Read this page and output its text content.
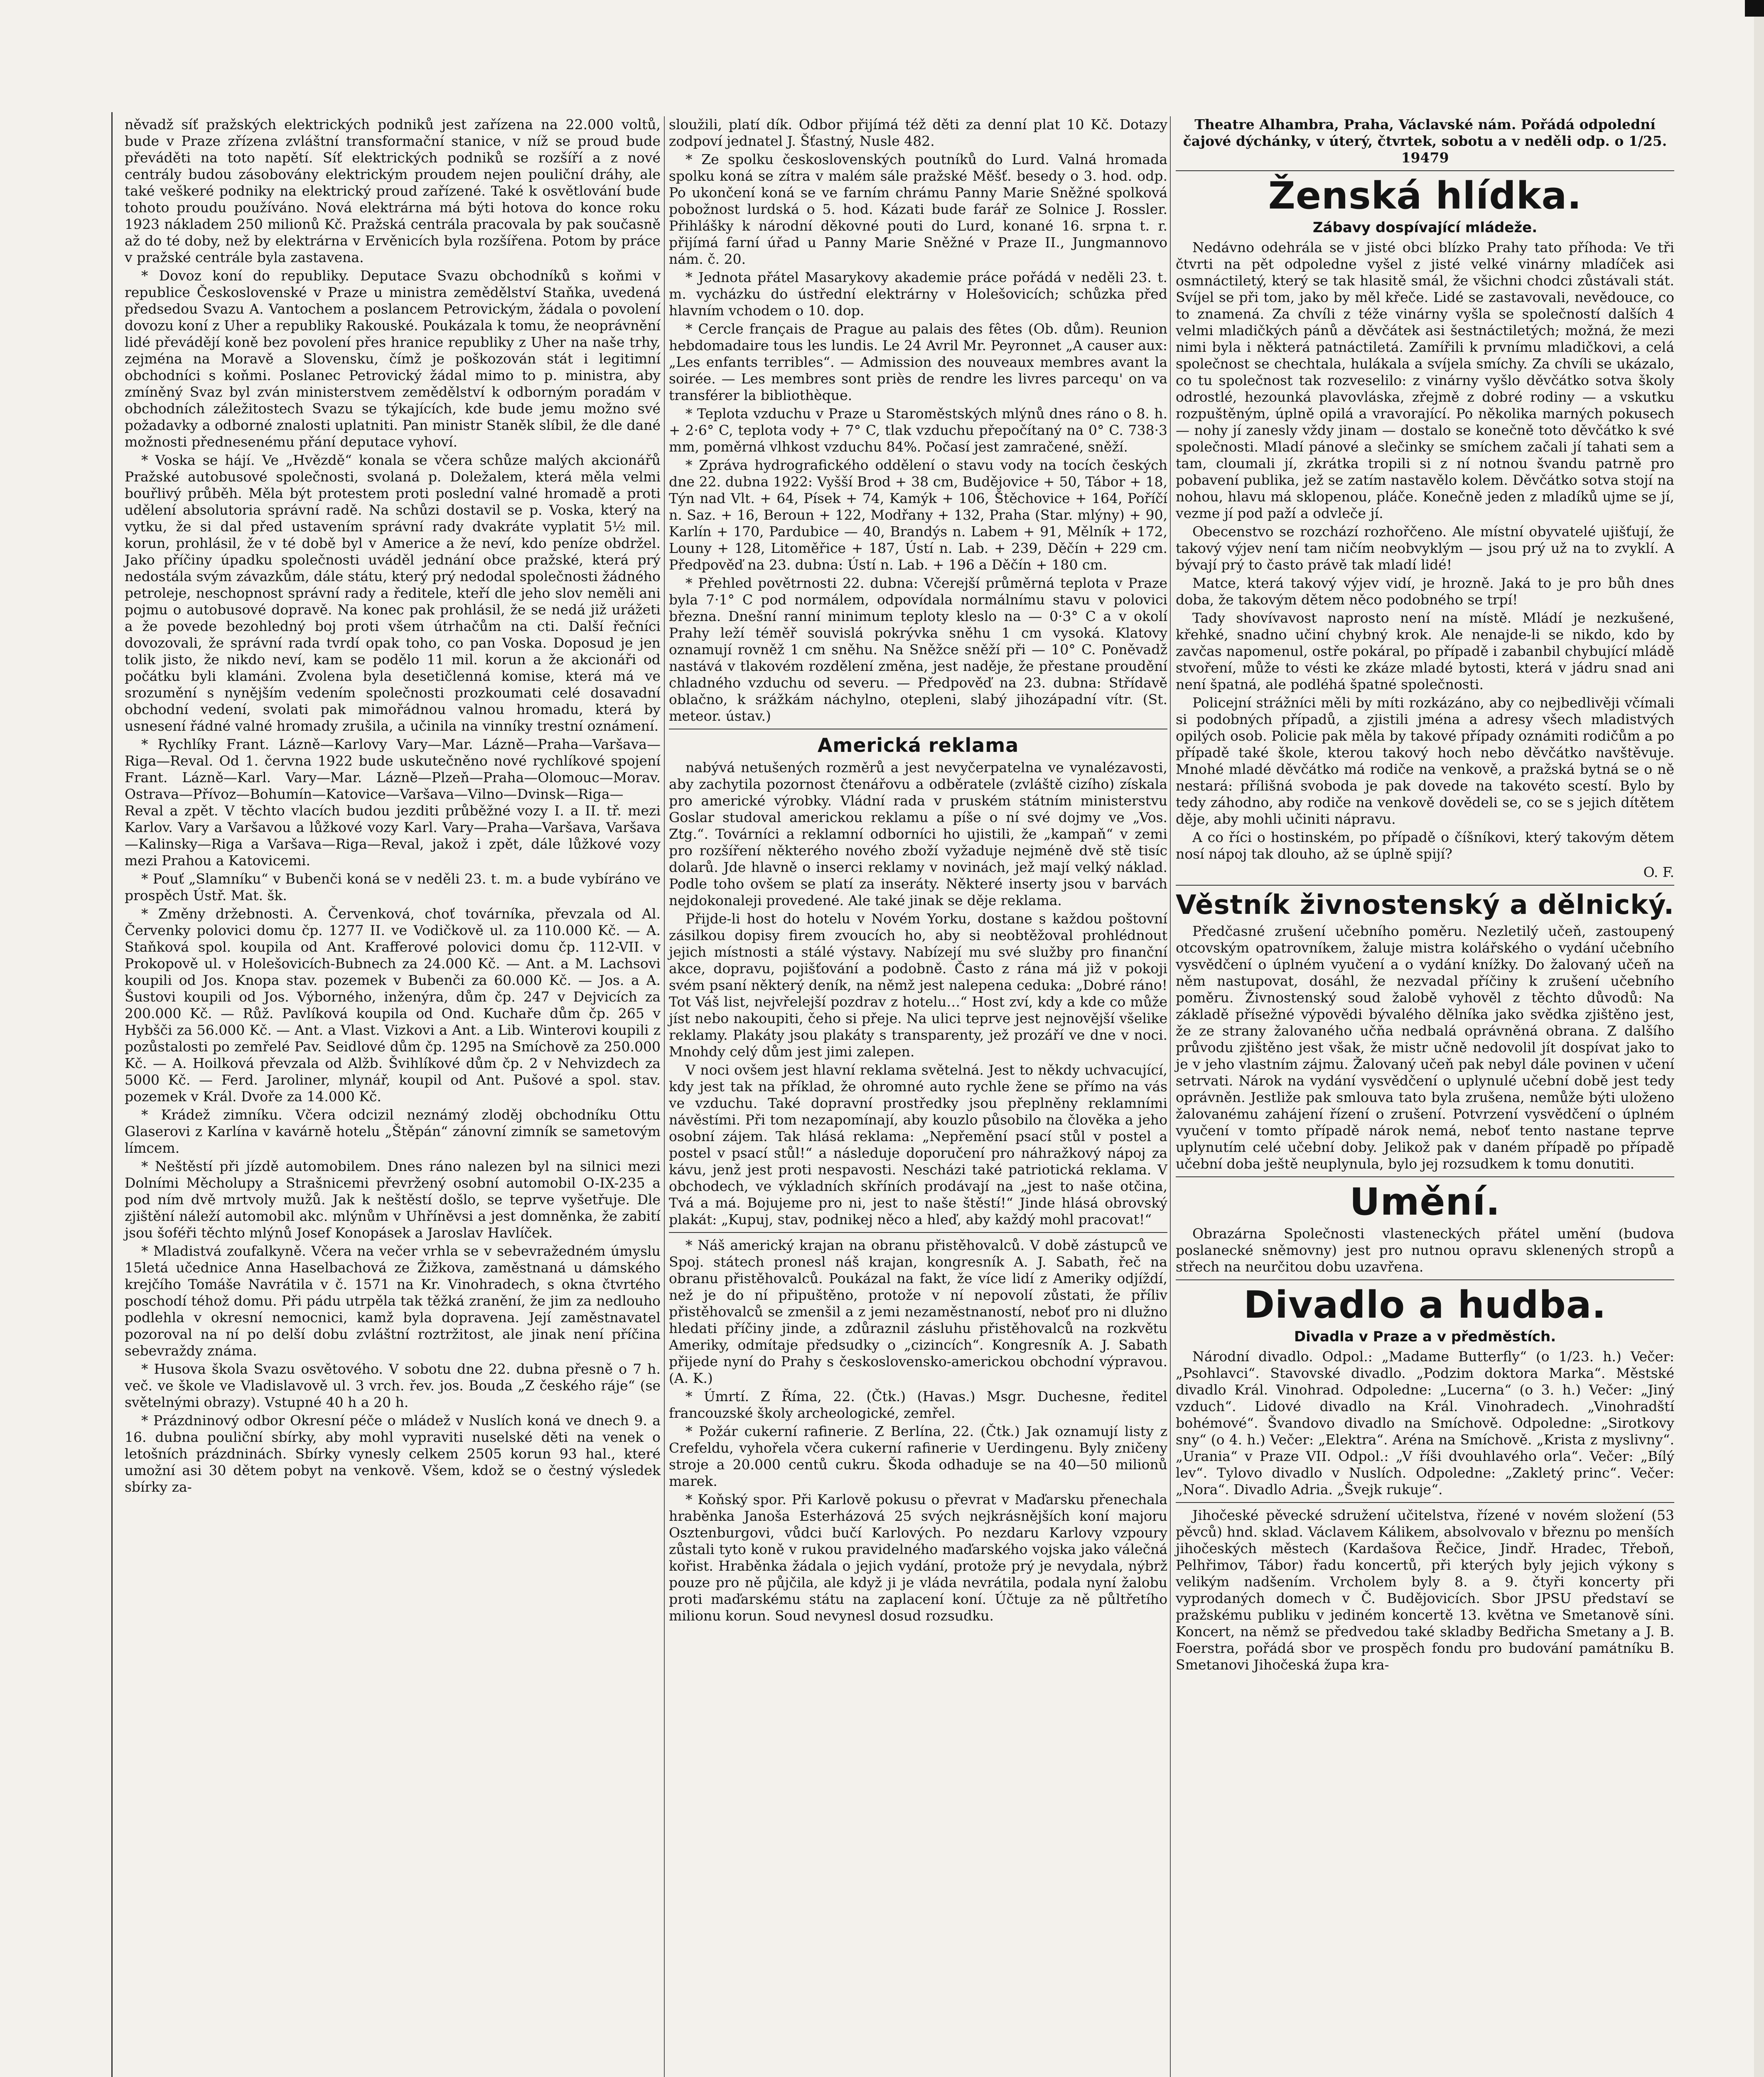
něvadž síť pražských elektrických podniků jest zařízena na 22.000 voltů, bude v Praze zřízena zvláštní transformační stanice, v níž se proud bude převáděti na toto napětí. Síť elektrických podniků se rozšíří a z nové centrály budou zásobovány elektrickým proudem nejen pouliční dráhy, ale také veškeré podniky na elektrický proud zařízené. Také k osvětlování bude tohoto proudu používáno. Nová elektrárna má býti hotova do konce roku 1923 nákladem 250 milionů Kč. Pražská centrála pracovala by pak současně až do té doby, než by elektrárna v Ervěnicích byla rozšířena. Potom by práce v pražské centrále byla zastavena.

* Dovoz koní do republiky. Deputace Svazu obchodníků s koňmi v republice Československé v Praze u ministra zemědělství Staňka, uvedená předsedou Svazu A. Vantochem a poslancem Petrovickým, žádala o povolení dovozu koní z Uher a republiky Rakouské. Poukázala k tomu, že neoprávnění lidé převádějí koně bez povolení přes hranice republiky z Uher na naše trhy, zejména na Moravě a Slovensku, čímž je poškozován stát i legitimní obchodníci s koňmi. Poslanec Petrovický žádal mimo to p. ministra, aby zmíněný Svaz byl zván ministerstvem zemědělství k odborným poradám v obchodních záležitostech Svazu se týkajících, kde bude jemu možno své požadavky a odborné znalosti uplatniti. Pan ministr Staněk slíbil, že dle dané možnosti přednesenému přání deputace vyhoví.

* Voska se hájí. Ve „Hvězdě“ konala se včera schůze malých akcionářů Pražské autobusové společnosti, svolaná p. Doležalem, která měla velmi bouřlivý průběh. Měla být protestem proti poslední valné hromadě a proti udělení absolutoria správní radě. Na schůzi dostavil se p. Voska, který na vytku, že si dal před ustavením správní rady dvakráte vyplatit 5½ mil. korun, prohlásil, že v té době byl v Americe a že neví, kdo peníze obdržel. Jako příčiny úpadku společnosti uváděl jednání obce pražské, která prý nedostála svým závazkům, dále státu, který prý nedodal společnosti žádného petroleje, neschopnost správní rady a ředitele, kteří dle jeho slov neměli ani pojmu o autobusové dopravě. Na konec pak prohlásil, že se nedá již urážeti a že povede bezohledný boj proti všem útrhačům na cti. Další řečníci dovozovali, že správní rada tvrdí opak toho, co pan Voska. Doposud je jen tolik jisto, že nikdo neví, kam se podělo 11 mil. korun a že akcionáři od počátku byli klamáni. Zvolena byla desetičlenná komise, která má ve srozumění s nynějším vedením společnosti prozkoumati celé dosavadní obchodní vedení, svolati pak mimořádnou valnou hromadu, která by usnesení řádné valné hromady zrušila, a učinila na vinníky trestní oznámení.

* Rychlíky Frant. Lázně—Karlovy Vary—Mar. Lázně—Praha—Varšava—Riga—Reval. Od 1. června 1922 bude uskutečněno nové rychlíkové spojení Frant. Lázně—Karl. Vary—Mar. Lázně—Plzeň—Praha—Olomouc—Morav. Ostrava—Přívoz—Bohumín—Katovice—Varšava—Vilno—Dvinsk—Riga—Reval a zpět. V těchto vlacích budou jezditi průběžné vozy I. a II. tř. mezi Karlov. Vary a Varšavou a lůžkové vozy Karl. Vary—Praha—Varšava, Varšava—Kalinsky—Riga a Varšava—Riga—Reval, jakož i zpět, dále lůžkové vozy mezi Prahou a Katovicemi.

* Pouť „Slamníku“ v Bubenči koná se v neděli 23. t. m. a bude vybíráno ve prospěch Ústř. Mat. šk.

* Změny držebnosti. A. Červenková, choť továrníka, převzala od Al. Červenky polovici domu čp. 1277 II. ve Vodičkově ul. za 110.000 Kč. — A. Staňková spol. koupila od Ant. Krafferové polovici domu čp. 112-VII. v Prokopově ul. v Holešovicích-Bubnech za 24.000 Kč. — Ant. a M. Lachsovi koupili od Jos. Knopa stav. pozemek v Bubenči za 60.000 Kč. — Jos. a A. Šustovi koupili od Jos. Výborného, inženýra, dům čp. 247 v Dejvicích za 200.000 Kč. — Růž. Pavlíková koupila od Ond. Kuchaře dům čp. 265 v Hybšči za 56.000 Kč. — Ant. a Vlast. Vizkovi a Ant. a Lib. Winterovi koupili z pozůstalosti po zemřelé Pav. Seidlové dům čp. 1295 na Smíchově za 250.000 Kč. — A. Hoilková převzala od Alžb. Švihlíkové dům čp. 2 v Nehvizdech za 5000 Kč. — Ferd. Jaroliner, mlynář, koupil od Ant. Pušové a spol. stav. pozemek v Král. Dvoře za 14.000 Kč.

* Krádež zimníku. Včera odcizil neznámý zloděj obchodníku Ottu Glaserovi z Karlína v kavárně hotelu „Štěpán“ zánovní zimník se sametovým límcem.

* Neštěstí při jízdě automobilem. Dnes ráno nalezen byl na silnici mezi Dolními Měcholupy a Strašnicemi převržený osobní automobil O-IX-235 a pod ním dvě mrtvoly mužů. Jak k neštěstí došlo, se teprve vyšetřuje. Dle zjištění náleží automobil akc. mlýnům v Uhříněvsi a jest domněnka, že zabití jsou šoféři těchto mlýnů Josef Konopásek a Jaroslav Havlíček.

* Mladistvá zoufalkyně. Včera na večer vrhla se v sebevražedném úmyslu 15letá učednice Anna Haselbachová ze Žižkova, zaměstnaná u dámského krejčího Tomáše Navrátila v č. 1571 na Kr. Vinohradech, s okna čtvrtého poschodí téhož domu. Při pádu utrpěla tak těžká zranění, že jim za nedlouho podlehla v okresní nemocnici, kamž byla dopravena. Její zaměstnavatel pozoroval na ní po delší dobu zvláštní roztržitost, ale jinak není příčina sebevraždy známa.

* Husova škola Svazu osvětového. V sobotu dne 22. dubna přesně o 7 h. več. ve škole ve Vladislavově ul. 3 vrch. řev. jos. Bouda „Z českého ráje“ (se světelnými obrazy). Vstupné 40 h a 20 h.

* Prázdninový odbor Okresní péče o mládež v Nuslích koná ve dnech 9. a 16. dubna pouliční sbírky, aby mohl vypraviti nuselské děti na venek o letošních prázdninách. Sbírky vynesly celkem 2505 korun 93 hal., které umožní asi 30 dětem pobyt na venkově. Všem, kdož se o čestný výsledek sbírky za-

sloužili, platí dík. Odbor přijímá též děti za denní plat 10 Kč. Dotazy zodpoví jednatel J. Šťastný, Nusle 482.

* Ze spolku československých poutníků do Lurd. Valná hromada spolku koná se zítra v malém sále pražské Měšť. besedy o 3. hod. odp. Po ukončení koná se ve farním chrámu Panny Marie Sněžné spolková pobožnost lurdská o 5. hod. Kázati bude farář ze Solnice J. Rossler. Přihlášky k národní děkovné pouti do Lurd, konané 16. srpna t. r. přijímá farní úřad u Panny Marie Sněžné v Praze II., Jungmannovo nám. č. 20.

* Jednota přátel Masarykovy akademie práce pořádá v neděli 23. t. m. vycházku do ústřední elektrárny v Holešovicích; schůzka před hlavním vchodem o 10. dop.

* Cercle français de Prague au palais des fêtes (Ob. dům). Reunion hebdomadaire tous les lundis. Le 24 Avril Mr. Peyronnet „A causer aux: „Les enfants terribles“. — Admission des nouveaux membres avant la soirée. — Les membres sont priès de rendre les livres parcequ' on va transférer la bibliothèque.

* Teplota vzduchu v Praze u Staroměstských mlýnů dnes ráno o 8. h. + 2·6° C, teplota vody + 7° C, tlak vzduchu přepočítaný na 0° C. 738·3 mm, poměrná vlhkost vzduchu 84%. Počasí jest zamračené, sněží.

* Zpráva hydrografického oddělení o stavu vody na tocích českých dne 22. dubna 1922: Vyšší Brod + 38 cm, Budějovice + 50, Tábor + 18, Týn nad Vlt. + 64, Písek + 74, Kamýk + 106, Štěchovice + 164, Poříčí n. Saz. + 16, Beroun + 122, Modřany + 132, Praha (Star. mlýny) + 90, Karlín + 170, Pardubice — 40, Brandýs n. Labem + 91, Mělník + 172, Louny + 128, Litoměřice + 187, Ústí n. Lab. + 239, Děčín + 229 cm. Předpověď na 23. dubna: Ústí n. Lab. + 196 a Děčín + 180 cm.

* Přehled povětrnosti 22. dubna: Včerejší průměrná teplota v Praze byla 7·1° C pod normálem, odpovídala normálnímu stavu v polovici března. Dnešní ranní minimum teploty kleslo na — 0·3° C a v okolí Prahy leží téměř souvislá pokrývka sněhu 1 cm vysoká. Klatovy oznamují rovněž 1 cm sněhu. Na Sněžce sněží při — 10° C. Poněvadž nastává v tlakovém rozdělení změna, jest naděje, že přestane proudění chladného vzduchu od severu. — Předpověď na 23. dubna: Střídavě oblačno, k srážkám náchylno, otepleni, slabý jihozápadní vítr. (St. meteor. ústav.)

Americká reklama

nabývá netušených rozměrů a jest nevyčerpatelna ve vynalézavosti, aby zachytila pozornost čtenářovu a odběratele (zvláště cizího) získala pro americké výrobky. Vládní rada v pruském státním ministerstvu Goslar studoval americkou reklamu a píše o ní své dojmy ve „Vos. Ztg.“. Továrníci a reklamní odborníci ho ujistili, že „kampaň“ v zemi pro rozšíření některého nového zboží vyžaduje nejméně dvě stě tisíc dolarů. Jde hlavně o inserci reklamy v novinách, jež mají velký náklad. Podle toho ovšem se platí za inseráty. Některé inserty jsou v barvách nejdokonaleji provedené. Ale také jinak se děje reklama.

Přijde-li host do hotelu v Novém Yorku, dostane s každou poštovní zásilkou dopisy firem zvoucích ho, aby si neobtěžoval prohlédnout jejich místnosti a stálé výstavy. Nabízejí mu své služby pro finanční akce, dopravu, pojišťování a podobně. Často z rána má již v pokoji svém psaní některý deník, na němž jest nalepena ceduka: „Dobré ráno! Tot Váš list, nejvřelejší pozdrav z hotelu…“ Host zví, kdy a kde co může jíst nebo nakoupiti, čeho si přeje. Na ulici teprve jest nejnovější všelike reklamy. Plakáty jsou plakáty s transparenty, jež prozáří ve dne v noci. Mnohdy celý dům jest jimi zalepen.

V noci ovšem jest hlavní reklama světelná. Jest to někdy uchvacující, kdy jest tak na příklad, že ohromné auto rychle žene se přímo na vás ve vzduchu. Také dopravní prostředky jsou přeplněny reklamními návěstími. Při tom nezapomínají, aby kouzlo působilo na člověka a jeho osobní zájem. Tak hlásá reklama: „Nepřemění psací stůl v postel a postel v psací stůl!“ a následuje doporučení pro náhražkový nápoj za kávu, jenž jest proti nespavosti. Nescházi také patriotická reklama. V obchodech, ve výkladních skříních prodávají na „jest to naše otčina, Tvá a má. Bojujeme pro ni, jest to naše štěstí!“ Jinde hlásá obrovský plakát: „Kupuj, stav, podnikej něco a hleď, aby každý mohl pracovat!“

* Náš americký krajan na obranu přistěhovalců. V době zástupců ve Spoj. státech pronesl náš krajan, kongresník A. J. Sabath, řeč na obranu přistěhovalců. Poukázal na fakt, že více lidí z Ameriky odjíždí, než je do ní připuštěno, protože v ní nepovolí zůstati, že příliv přistěhovalců se zmenšil a z jemi nezaměstnaností, neboť pro ni dlužno hledati příčiny jinde, a zdůraznil zásluhu přistěhovalců na rozkvětu Ameriky, odmítaje předsudky o „cizincích“. Kongresník A. J. Sabath přijede nyní do Prahy s československo-americkou obchodní výpravou. (A. K.)

* Úmrtí. Z Říma, 22. (Čtk.) (Havas.) Msgr. Duchesne, ředitel francouzské školy archeologické, zemřel.

* Požár cukerní rafinerie. Z Berlína, 22. (Čtk.) Jak oznamují listy z Crefeldu, vyhořela včera cukerní rafinerie v Uerdingenu. Byly zničeny stroje a 20.000 centů cukru. Škoda odhaduje se na 40—50 milionů marek.

* Koňský spor. Při Karlově pokusu o převrat v Maďarsku přenechala hraběnka Janoša Esterházová 25 svých nejkrásnějších koní majoru Osztenburgovi, vůdci bučí Karlových. Po nezdaru Karlovy vzpoury zůstali tyto koně v rukou pravidelného maďarského vojska jako válečná kořist. Hraběnka žádala o jejich vydání, protože prý je nevydala, nýbrž pouze pro ně půjčila, ale když ji je vláda nevrátila, podala nyní žalobu proti maďarskému státu na zaplacení koní. Účtuje za ně půltřetího milionu korun. Soud nevynesl dosud rozsudku.

Theatre Alhambra, Praha, Václavské nám. Pořádá odpolední čajové dýchánky, v úterý, čtvrtek, sobotu a v neděli odp. o 1/25. 19479

Ženská hlídka.
Zábavy dospívající mládeže.

Nedávno odehrála se v jisté obci blízko Prahy tato příhoda: Ve tři čtvrti na pět odpoledne vyšel z jisté velké vinárny mladíček asi osmnáctiletý, který se tak hlasitě smál, že všichni chodci zůstávali stát. Svíjel se při tom, jako by měl křeče. Lidé se zastavovali, nevědouce, co to znamená. Za chvíli z téže vinárny vyšla se společností dalších 4 velmi mladičkých pánů a děvčátek asi šestnáctiletých; možná, že mezi nimi byla i některá patnáctiletá. Zamířili k prvnímu mladičkovi, a celá společnost se chechtala, hulákala a svíjela smíchy. Za chvíli se ukázalo, co tu společnost tak rozveselilo: z vinárny vyšlo děvčátko sotva školy odrostlé, hezounká plavovláska, zřejmě z dobré rodiny — a vskutku rozpuštěným, úplně opilá a vravorající. Po několika marných pokusech — nohy jí zanesly vždy jinam — dostalo se konečně toto děvčátko k své společnosti. Mladí pánové a slečinky se smíchem začali jí tahati sem a tam, cloumali jí, zkrátka tropili si z ní notnou švandu patrně pro pobavení publika, jež se zatím nastavělo kolem. Děvčátko sotva stojí na nohou, hlavu má sklopenou, pláče. Konečně jeden z mladíků ujme se jí, vezme jí pod paží a odvleče jí.

Obecenstvo se rozchází rozhořčeno. Ale místní obyvatelé ujišťují, že takový výjev není tam ničím neobvyklým — jsou prý už na to zvyklí. A bývají prý to často právě tak mladí lidé!

Matce, která takový výjev vidí, je hrozně. Jaká to je pro bůh dnes doba, že takovým dětem něco podobného se trpí!

Tady shovívavost naprosto není na místě. Mládí je nezkušené, křehké, snadno učiní chybný krok. Ale nenajde-li se nikdo, kdo by zavčas napomenul, ostře pokáral, po případě i zabanbil chybující mládě stvoření, může to vésti ke zkáze mladé bytosti, která v jádru snad ani není špatná, ale podléhá špatné společnosti.

Policejní strážníci měli by míti rozkázáno, aby co nejbedlivěji včímali si podobných případů, a zjistili jména a adresy všech mladistvých opilých osob. Policie pak měla by takové případy oznámiti rodičům a po případě také škole, kterou takový hoch nebo děvčátko navštěvuje. Mnohé mladé děvčátko má rodiče na venkově, a pražská bytná se o ně nestará: přílišná svoboda je pak dovede na takovéto scestí. Bylo by tedy záhodno, aby rodiče na venkově dovědeli se, co se s jejich dítětem děje, aby mohli učiniti nápravu.

A co říci o hostinském, po případě o číšníkovi, který takovým dětem nosí nápoj tak dlouho, až se úplně spijí?

O. F.

Věstník živnostenský a dělnický.

Předčasné zrušení učebního poměru. Nezletilý učeň, zastoupený otcovským opatrovníkem, žaluje mistra kolářského o vydání učebního vysvědčení o úplném vyučení a o vydání knížky. Do žalovaný učeň na něm nastupovat, dosáhl, že nezvadal příčiny k zrušení učebního poměru. Živnostenský soud žalobě vyhověl z těchto důvodů: Na základě přísežné výpovědi bývalého dělníka jako svědka zjištěno jest, že ze strany žalovaného učňa nedbalá oprávněná obrana. Z dalšího průvodu zjištěno jest však, že mistr učně nedovolil jít dospívat jako to je v jeho vlastním zájmu. Žalovaný učeň pak nebyl dále povinen v učení setrvati. Nárok na vydání vysvědčení o uplynulé učební době jest tedy oprávněn. Jestliže pak smlouva tato byla zrušena, nemůže býti uloženo žalovanému zahájení řízení o zrušení. Potvrzení vysvědčení o úplném vyučení v tomto případě nárok nemá, neboť tento nastane teprve uplynutím celé učební doby. Jelikož pak v daném případě po případě učební doba ještě neuplynula, bylo jej rozsudkem k tomu donutiti.

Umění.

Obrazárna Společnosti vlasteneckých přátel umění (budova poslanecké sněmovny) jest pro nutnou opravu sklenených stropů a střech na neurčitou dobu uzavřena.

Divadlo a hudba.
Divadla v Praze a v předměstích.

Národní divadlo. Odpol.: „Madame Butterfly“ (o 1/23. h.) Večer: „Psohlavci“. Stavovské divadlo. „Podzim doktora Marka“. Městské divadlo Král. Vinohrad. Odpoledne: „Lucerna“ (o 3. h.) Večer: „Jiný vzduch“. Lidové divadlo na Král. Vinohradech. „Vinohradští bohémové“. Švandovo divadlo na Smíchově. Odpoledne: „Sirotkovy sny“ (o 4. h.) Večer: „Elektra“. Aréna na Smíchově. „Krista z myslivny“. „Urania“ v Praze VII. Odpol.: „V říši dvouhlavého orla“. Večer: „Bílý lev“. Tylovo divadlo v Nuslích. Odpoledne: „Zakletý princ“. Večer: „Nora“. Divadlo Adria. „Švejk rukuje“.

Jihočeské pěvecké sdružení učitelstva, řízené v novém složení (53 pěvců) hnd. sklad. Václavem Kálikem, absolvovalo v březnu po menších jihočeských městech (Kardašova Řečice, Jindř. Hradec, Třeboň, Pelhřimov, Tábor) řadu koncertů, při kterých byly jejich výkony s velikým nadšením. Vrcholem byly 8. a 9. čtyři koncerty při vyprodaných domech v Č. Budějovicích. Sbor JPSU představí se pražskému publiku v jediném koncertě 13. května ve Smetanově síni. Koncert, na němž se předvedou také skladby Bedřicha Smetany a J. B. Foerstra, pořádá sbor ve prospěch fondu pro budování památníku B. Smetanovi Jihočeská župa kra-
